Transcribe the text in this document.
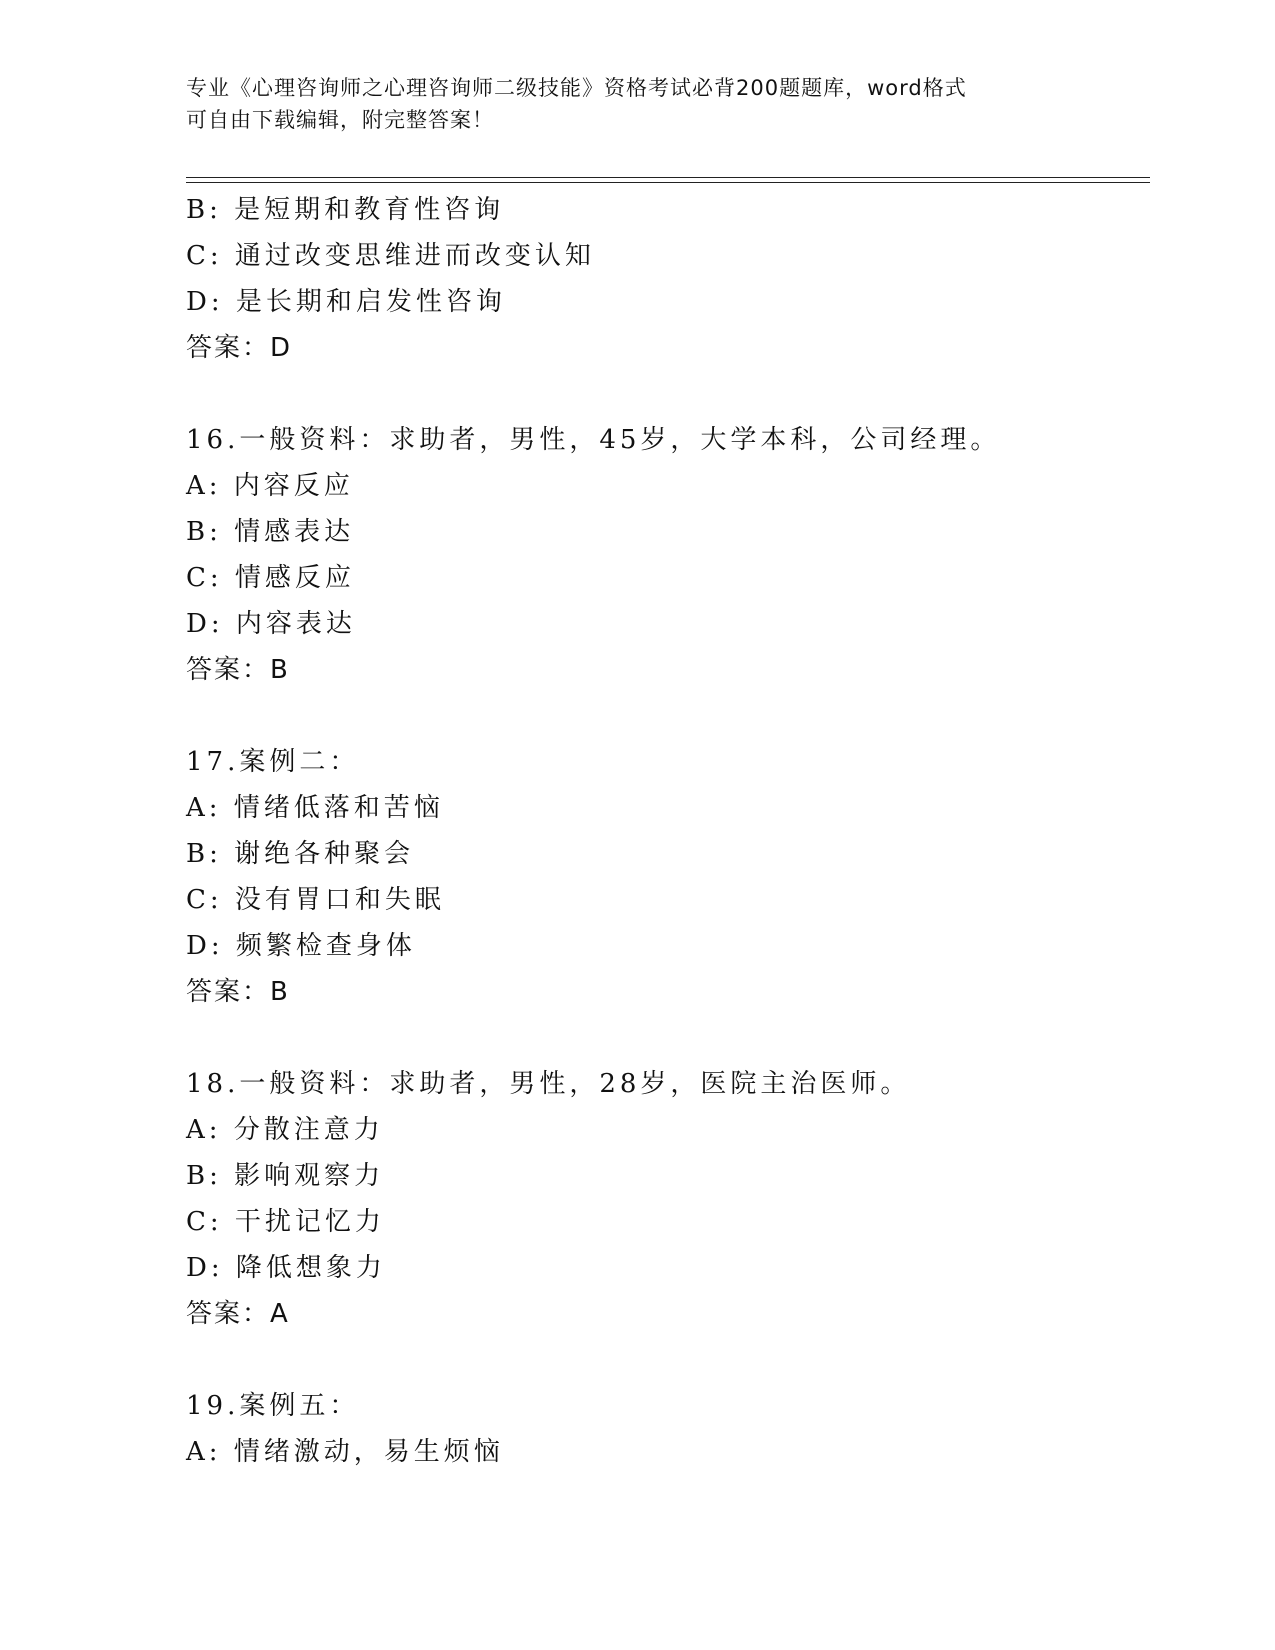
专业《心理咨询师之心理咨询师二级技能》资格考试必背200题题库，word格式
可自由下载编辑，附完整答案！
B: 是短期和教育性咨询
C: 通过改变思维进而改变认知
D: 是长期和启发性咨询
答案：D
16.一般资料：求助者，男性，45岁，大学本科，公司经理。
A: 内容反应
B: 情感表达
C: 情感反应
D: 内容表达
答案：B
17.案例二：
A: 情绪低落和苦恼
B: 谢绝各种聚会
C: 没有胃口和失眠
D: 频繁检查身体
答案：B
18.一般资料：求助者，男性，28岁，医院主治医师。
A: 分散注意力
B: 影响观察力
C: 干扰记忆力
D: 降低想象力
答案：A
19.案例五：
A: 情绪激动，易生烦恼
